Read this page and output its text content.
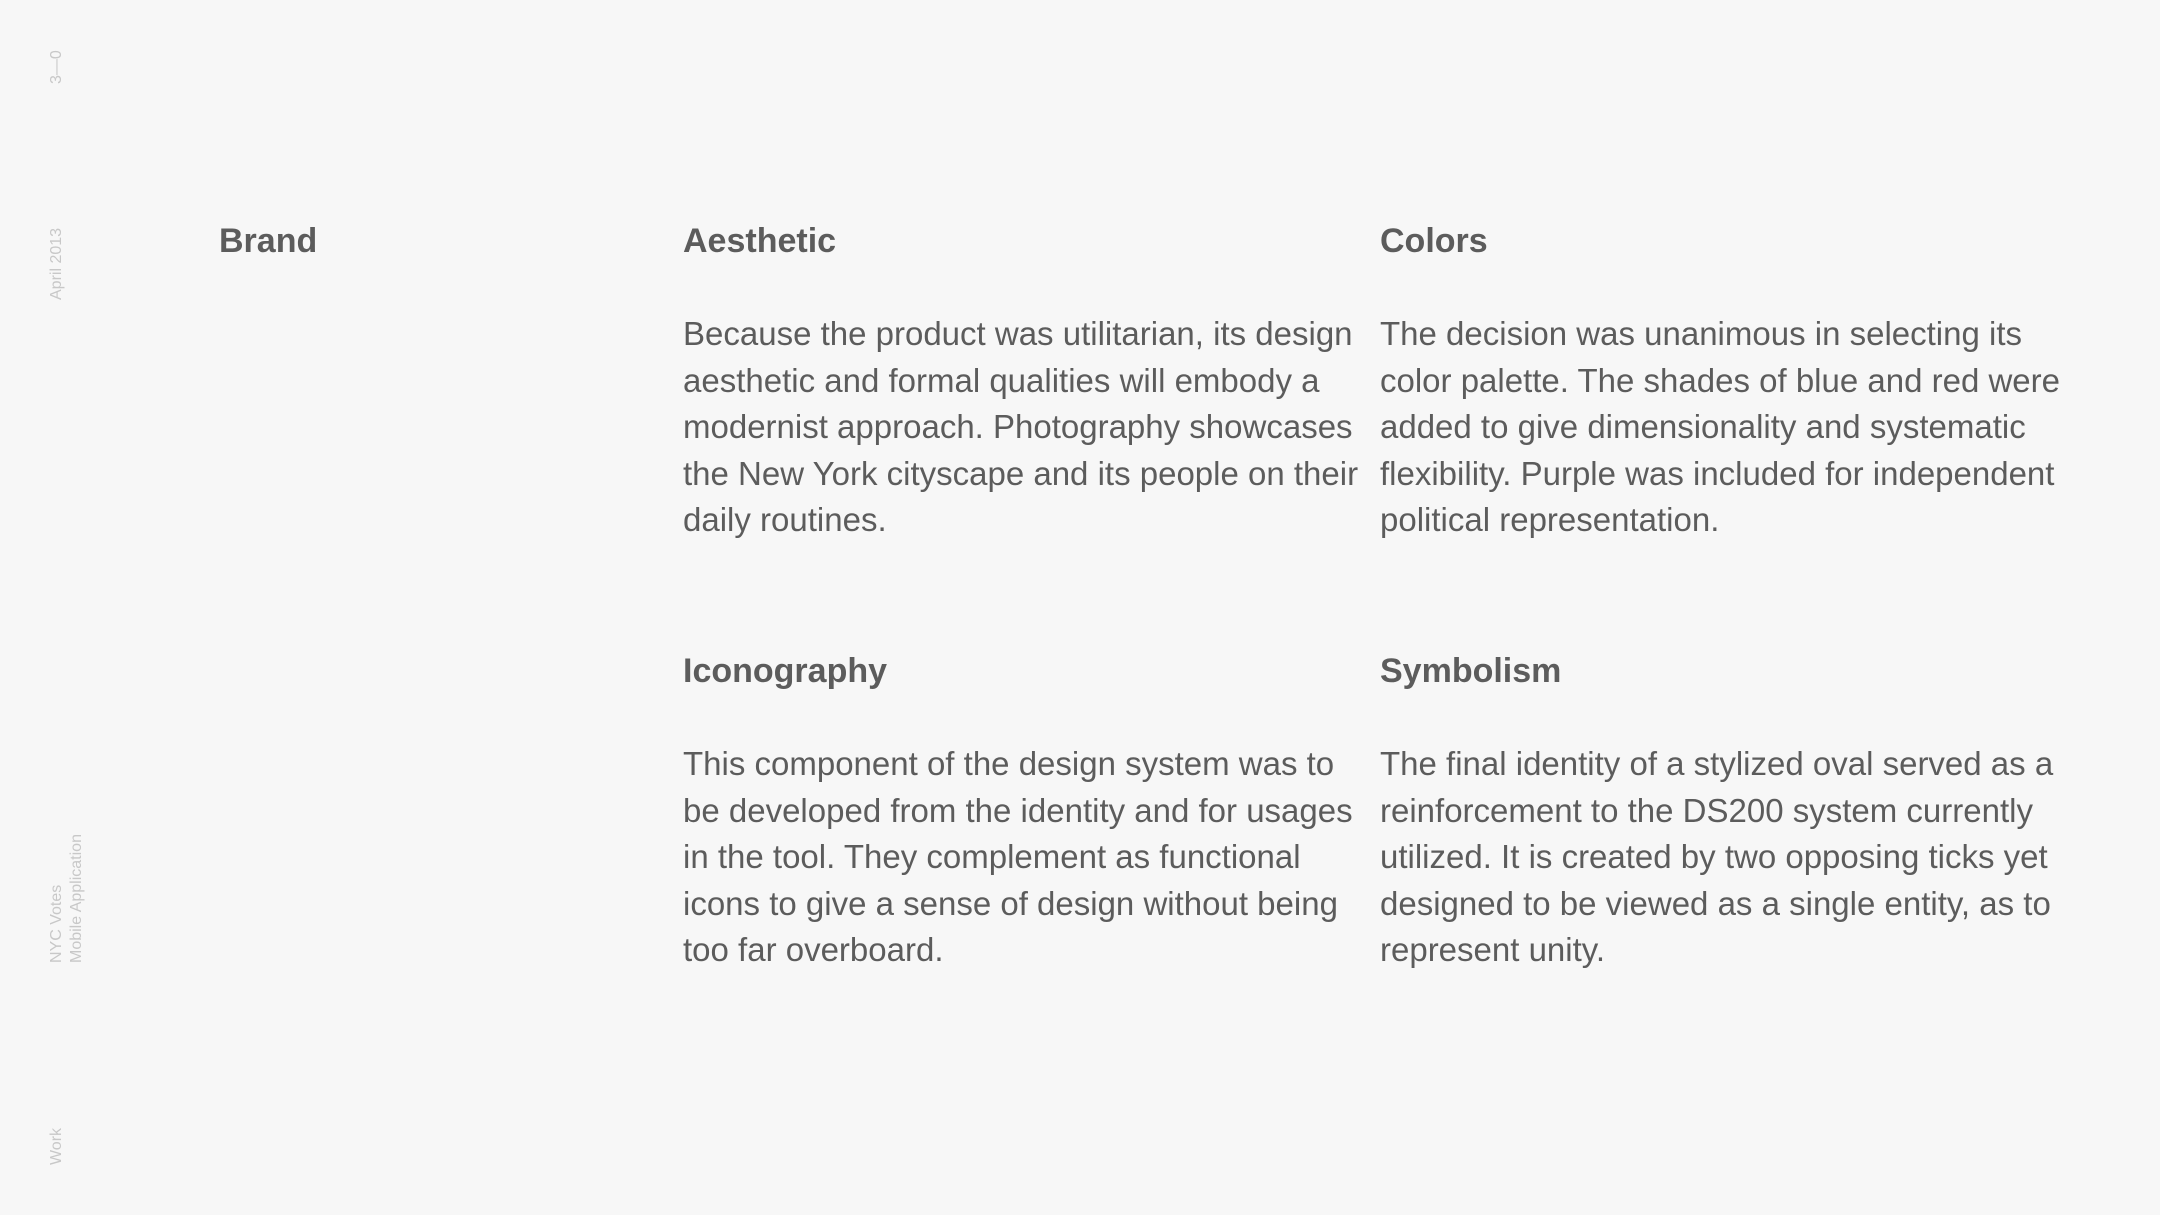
3—0
April 2013
NYC Votes Mobile Application
Work
Brand	Aesthetic

Because the product was utilitarian, its design aesthetic and formal qualities will embody a modernist approach. Photography showcases the New York cityscape and its people on their daily routines.

Colors

The decision was unanimous in selecting its color palette. The shades of blue and red were added to give dimensionality and systematic flexibility. Purple was included for independent political representation.

Iconography

This component of the design system was to be developed from the identity and for usages in the tool. They complement as functional icons to give a sense of design without being too far overboard.

Symbolism

The final identity of a stylized oval served as a reinforcement to the DS200 system currently utilized. It is created by two opposing ticks yet designed to be viewed as a single entity, as to represent unity.
